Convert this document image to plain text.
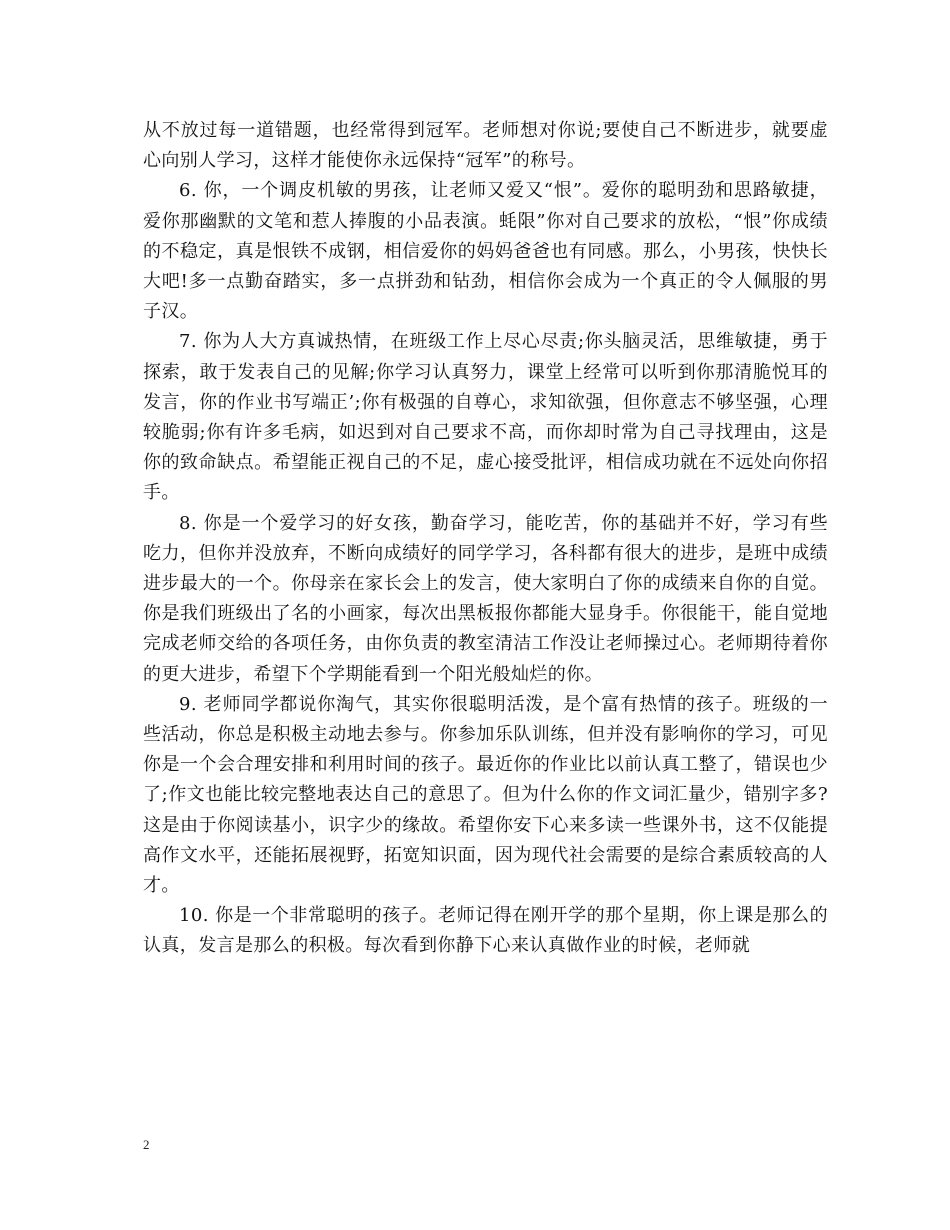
从不放过每一道错题，也经常得到冠军。老师想对你说;要使自己不断进步，就要虚心向别人学习，这样才能使你永远保持“冠军”的称号。

6. 你，一个调皮机敏的男孩，让老师又爱又“恨”。爱你的聪明劲和思路敏捷，爱你那幽默的文笔和惹人捧腹的小品表演。蚝限”你对自己要求的放松，“恨”你成绩的不稳定，真是恨铁不成钢，相信爱你的妈妈爸爸也有同感。那么，小男孩，快快长大吧!多一点勤奋踏实，多一点拼劲和钻劲，相信你会成为一个真正的令人佩服的男子汉。

7. 你为人大方真诚热情，在班级工作上尽心尽责;你头脑灵活，思维敏捷，勇于探索，敢于发表自己的见解;你学习认真努力，课堂上经常可以听到你那清脆悦耳的发言，你的作业书写端正’;你有极强的自尊心，求知欲强，但你意志不够坚强，心理较脆弱;你有许多毛病，如迟到对自己要求不高，而你却时常为自己寻找理由，这是你的致命缺点。希望能正视自己的不足，虚心接受批评，相信成功就在不远处向你招手。

8. 你是一个爱学习的好女孩，勤奋学习，能吃苦，你的基础并不好，学习有些吃力，但你并没放弃，不断向成绩好的同学学习，各科都有很大的进步，是班中成绩进步最大的一个。你母亲在家长会上的发言，使大家明白了你的成绩来自你的自觉。你是我们班级出了名的小画家，每次出黑板报你都能大显身手。你很能干，能自觉地完成老师交给的各项任务，由你负责的教室清洁工作没让老师操过心。老师期待着你的更大进步，希望下个学期能看到一个阳光般灿烂的你。

9. 老师同学都说你淘气，其实你很聪明活泼，是个富有热情的孩子。班级的一些活动，你总是积极主动地去参与。你参加乐队训练，但并没有影响你的学习，可见你是一个会合理安排和利用时间的孩子。最近你的作业比以前认真工整了，错误也少了;作文也能比较完整地表达自己的意思了。但为什么你的作文词汇量少，错别字多?这是由于你阅读基小，识字少的缘故。希望你安下心来多读一些课外书，这不仅能提高作文水平，还能拓展视野，拓宽知识面，因为现代社会需要的是综合素质较高的人才。

10. 你是一个非常聪明的孩子。老师记得在刚开学的那个星期，你上课是那么的认真，发言是那么的积极。每次看到你静下心来认真做作业的时候，老师就

2
